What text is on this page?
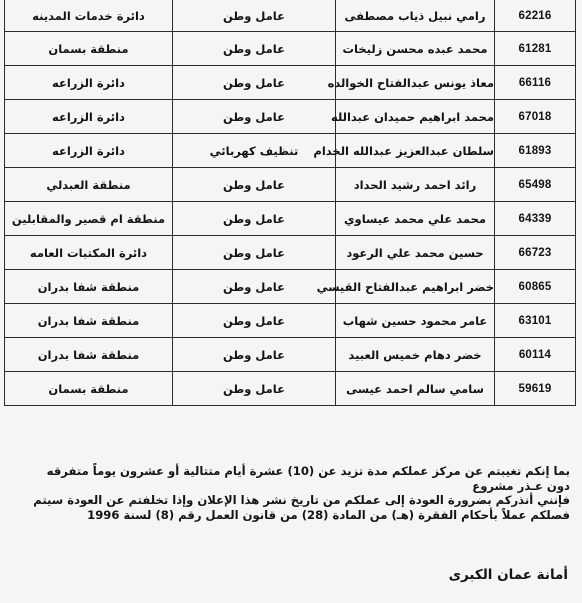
62216	رامي نبيل ذياب مصطفى	عامل وطن	دائرة خدمات المدينه
61281	محمد عبده محسن زليخات	عامل وطن	منطقة بسمان
66116	معاذ يونس عبدالفتاح الخوالده	عامل وطن	دائرة الزراعه
67018	محمد ابراهيم حميدان عبدالله	عامل وطن	دائرة الزراعه
61893	سلطان عبدالعزيز عبدالله الخدام	تنظيف كهربائي	دائرة الزراعه
65498	رائد احمد رشيد الحداد	عامل وطن	منطقة العبدلي
64339	محمد علي محمد عيساوي	عامل وطن	منطقة ام قصير والمقابلين
66723	حسين محمد علي الرعود	عامل وطن	دائرة المكتبات العامه
60865	خضر ابراهيم عبدالفتاح القيسي	عامل وطن	منطقة شفا بدران
63101	عامر محمود حسين شهاب	عامل وطن	منطقة شفا بدران
60114	خضر دهام خميس العبيد	عامل وطن	منطقة شفا بدران
59619	سامي سالم احمد عيسى	عامل وطن	منطقة بسمان

بما إنكم تغيبتم عن مركز عملكم مدة تزيد عن (10) عشرة أيام متتالية أو عشرون يوماً متفرقه

دون عـذر مشروع

فإنني أنذركم بضرورة العودة إلى عملكم من تاريخ نشر هذا الإعلان وإذا تخلفتم عن العودة سيتم

فصلكم عملاً بأحكام الفقرة (هـ) من المادة (28) من قانون العمل رقم (8) لسنة 1996

أمانة عمان الكبرى
